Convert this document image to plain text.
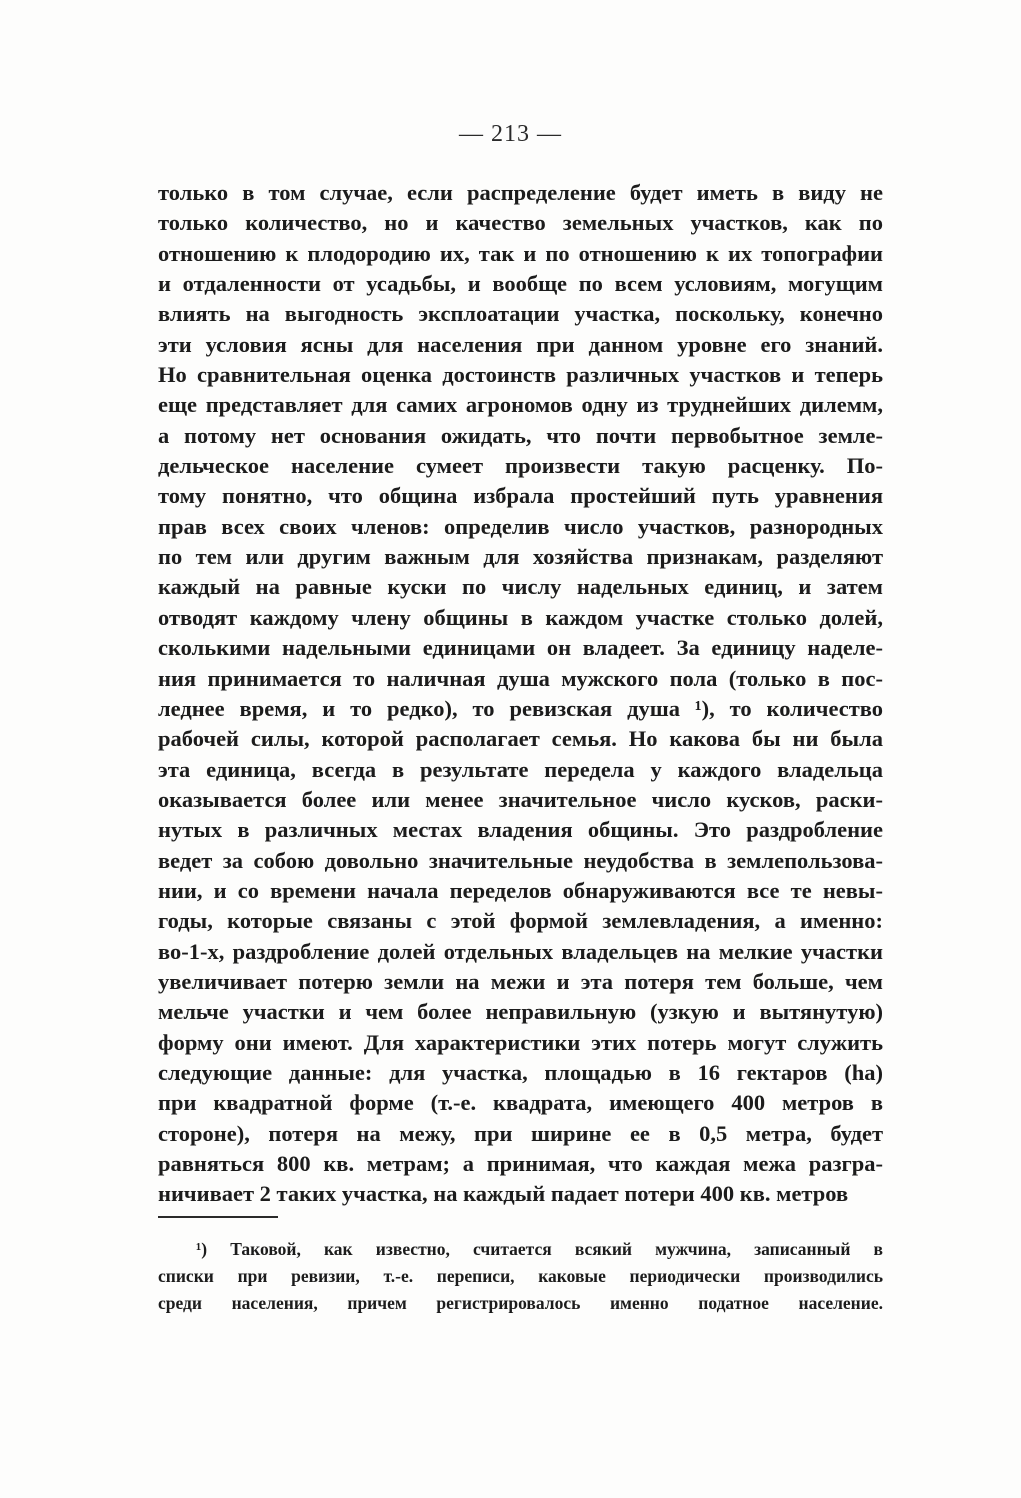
— 213 —
только в том случае, если распределение будет иметь в виду не
только количество, но и качество земельных участков, как по
отношению к плодородию их, так и по отношению к их топографии
и отдаленности от усадьбы, и вообще по всем условиям, могущим
влиять на выгодность эксплоатации участка, поскольку, конечно
эти условия ясны для населения при данном уровне его знаний.
Но сравнительная оценка достоинств различных участков и теперь
еще представляет для самих агрономов одну из труднейших дилемм,
а потому нет основания ожидать, что почти первобытное земле-
дельческое население сумеет произвести такую расценку. По-
тому понятно, что община избрала простейший путь уравнения
прав всех своих членов: определив число участков, разнородных
по тем или другим важным для хозяйства признакам, разделяют
каждый на равные куски по числу надельных единиц, и затем
отводят каждому члену общины в каждом участке столько долей,
сколькими надельными единицами он владеет. За единицу наделе-
ния принимается то наличная душа мужского пола (только в пос-
леднее время, и то редко), то ревизская душа ¹), то количество
рабочей силы, которой располагает семья. Но какова бы ни была
эта единица, всегда в результате передела у каждого владельца
оказывается более или менее значительное число кусков, раски-
нутых в различных местах владения общины. Это раздробление
ведет за собою довольно значительные неудобства в землепользова-
нии, и со времени начала переделов обнаруживаются все те невы-
годы, которые связаны с этой формой землевладения, а именно:
во-1-х, раздробление долей отдельных владельцев на мелкие участки
увеличивает потерю земли на межи и эта потеря тем больше, чем
мельче участки и чем более неправильную (узкую и вытянутую)
форму они имеют. Для характеристики этих потерь могут служить
следующие данные: для участка, площадью в 16 гектаров (ha)
при квадратной форме (т.-е. квадрата, имеющего 400 метров в
стороне), потеря на межу, при ширине ее в 0,5 метра, будет
равняться 800 кв. метрам; а принимая, что каждая межа разгра-
ничивает 2 таких участка, на каждый падает потери 400 кв. метров
¹) Таковой, как известно, считается всякий мужчина, записанный в
списки при ревизии, т.-е. переписи, каковые периодически производились
среди населения, причем регистрировалось именно податное население.
